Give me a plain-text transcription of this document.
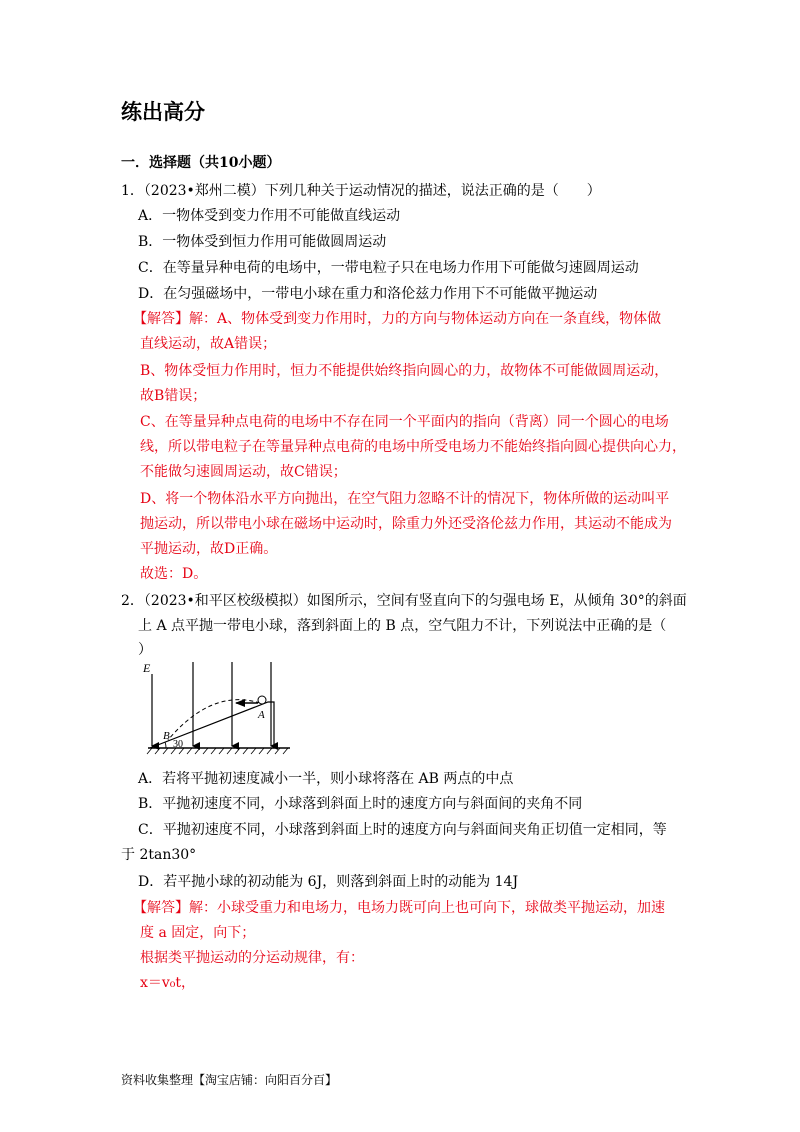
练出高分
一．选择题（共10小题）
1．（2023•郑州二模）下列几种关于运动情况的描述，说法正确的是（　　）
A．一物体受到变力作用不可能做直线运动
B．一物体受到恒力作用可能做圆周运动
C．在等量异种电荷的电场中，一带电粒子只在电场力作用下可能做匀速圆周运动
D．在匀强磁场中，一带电小球在重力和洛伦兹力作用下不可能做平抛运动
【解答】解：A、物体受到变力作用时，力的方向与物体运动方向在一条直线，物体做
直线运动，故A错误；
B、物体受恒力作用时，恒力不能提供始终指向圆心的力，故物体不可能做圆周运动，
故B错误；
C、在等量异种点电荷的电场中不存在同一个平面内的指向（背离）同一个圆心的电场
线，所以带电粒子在等量异种点电荷的电场中所受电场力不能始终指向圆心提供向心力，
不能做匀速圆周运动，故C错误；
D、将一个物体沿水平方向抛出，在空气阻力忽略不计的情况下，物体所做的运动叫平
抛运动，所以带电小球在磁场中运动时，除重力外还受洛伦兹力作用，其运动不能成为
平抛运动，故D正确。
故选：D。
2．（2023•和平区校级模拟）如图所示，空间有竖直向下的匀强电场 E，从倾角 30°的斜面
上 A 点平抛一带电小球，落到斜面上的 B 点，空气阻力不计，下列说法中正确的是（
）
E
A
B
30
A．若将平抛初速度减小一半，则小球将落在 AB 两点的中点
B．平抛初速度不同，小球落到斜面上时的速度方向与斜面间的夹角不同
C．平抛初速度不同，小球落到斜面上时的速度方向与斜面间夹角正切值一定相同，等
于 2tan30°
D．若平抛小球的初动能为 6J，则落到斜面上时的动能为 14J
【解答】解：小球受重力和电场力，电场力既可向上也可向下，球做类平抛运动，加速
度 a 固定，向下；
根据类平抛运动的分运动规律，有：
x＝v₀t，
资料收集整理【淘宝店铺：向阳百分百】
